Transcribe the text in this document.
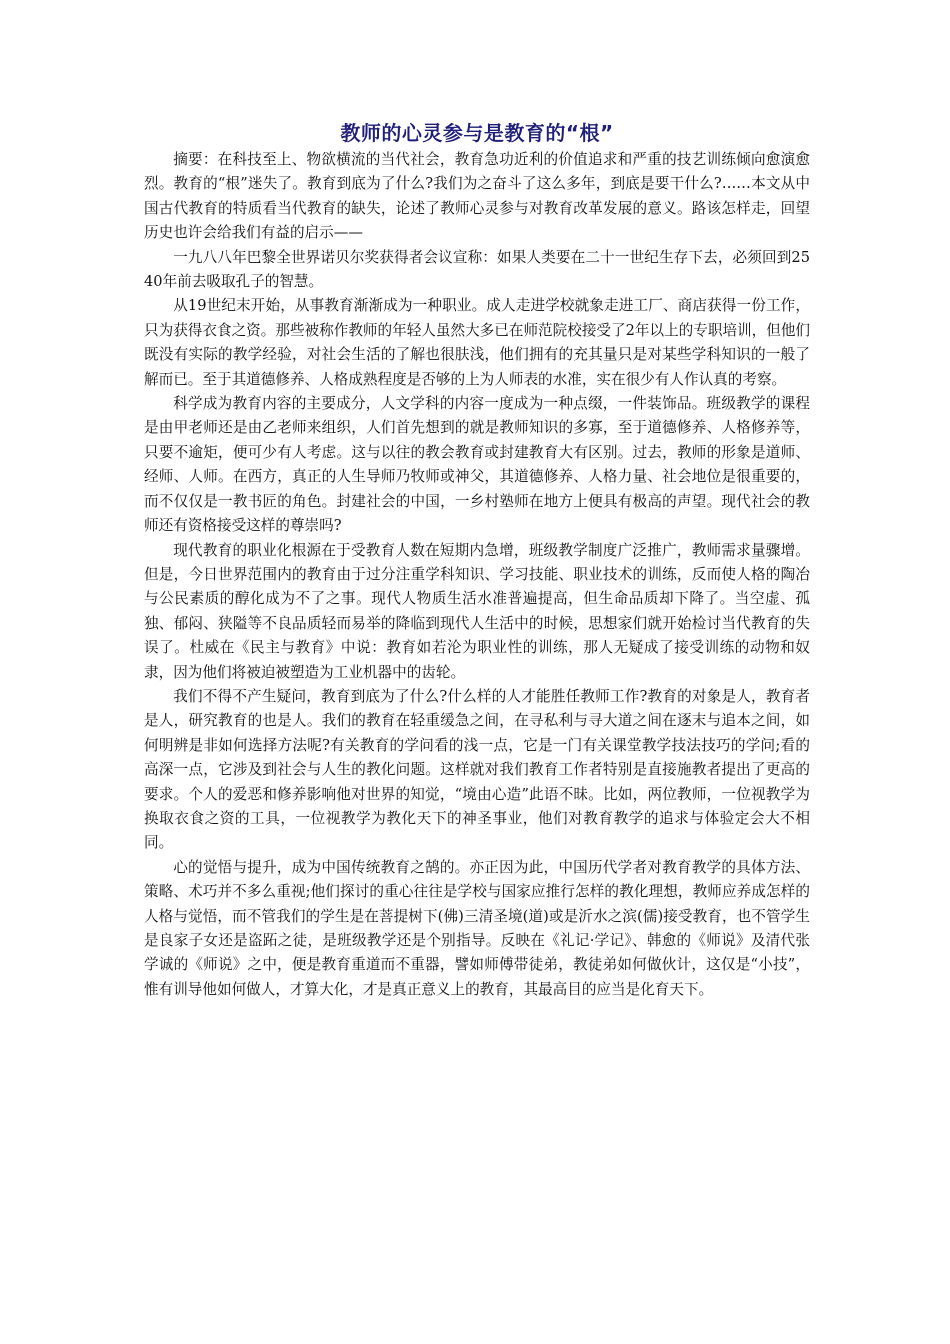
教师的心灵参与是教育的“根”

摘要：在科技至上、物欲横流的当代社会，教育急功近利的价值追求和严重的技艺训练倾向愈演愈烈。教育的“根”迷失了。教育到底为了什么?我们为之奋斗了这么多年，到底是要干什么?……本文从中国古代教育的特质看当代教育的缺失，论述了教师心灵参与对教育改革发展的意义。路该怎样走，回望历史也许会给我们有益的启示——

一九八八年巴黎全世界诺贝尔奖获得者会议宣称：如果人类要在二十一世纪生存下去，必须回到2540年前去吸取孔子的智慧。

从19世纪末开始，从事教育渐渐成为一种职业。成人走进学校就象走进工厂、商店获得一份工作，只为获得衣食之资。那些被称作教师的年轻人虽然大多已在师范院校接受了2年以上的专职培训，但他们既没有实际的教学经验，对社会生活的了解也很肤浅，他们拥有的充其量只是对某些学科知识的一般了解而已。至于其道德修养、人格成熟程度是否够的上为人师表的水准，实在很少有人作认真的考察。

科学成为教育内容的主要成分，人文学科的内容一度成为一种点缀，一件装饰品。班级教学的课程是由甲老师还是由乙老师来组织，人们首先想到的就是教师知识的多寡，至于道德修养、人格修养等，只要不逾矩，便可少有人考虑。这与以往的教会教育或封建教育大有区别。过去，教师的形象是道师、经师、人师。在西方，真正的人生导师乃牧师或神父，其道德修养、人格力量、社会地位是很重要的，而不仅仅是一教书匠的角色。封建社会的中国，一乡村塾师在地方上便具有极高的声望。现代社会的教师还有资格接受这样的尊崇吗?

现代教育的职业化根源在于受教育人数在短期内急增，班级教学制度广泛推广，教师需求量骤增。但是，今日世界范围内的教育由于过分注重学科知识、学习技能、职业技术的训练，反而使人格的陶冶与公民素质的醇化成为不了之事。现代人物质生活水准普遍提高，但生命品质却下降了。当空虚、孤独、郁闷、狭隘等不良品质轻而易举的降临到现代人生活中的时候，思想家们就开始检讨当代教育的失误了。杜威在《民主与教育》中说：教育如若沦为职业性的训练，那人无疑成了接受训练的动物和奴隶，因为他们将被迫被塑造为工业机器中的齿轮。

我们不得不产生疑问，教育到底为了什么?什么样的人才能胜任教师工作?教育的对象是人，教育者是人，研究教育的也是人。我们的教育在轻重缓急之间，在寻私利与寻大道之间在逐末与追本之间，如何明辨是非如何选择方法呢?有关教育的学问看的浅一点，它是一门有关课堂教学技法技巧的学问;看的高深一点，它涉及到社会与人生的教化问题。这样就对我们教育工作者特别是直接施教者提出了更高的要求。个人的爱恶和修养影响他对世界的知觉，“境由心造”此语不昧。比如，两位教师，一位视教学为换取衣食之资的工具，一位视教学为教化天下的神圣事业，他们对教育教学的追求与体验定会大不相同。

心的觉悟与提升，成为中国传统教育之鹄的。亦正因为此，中国历代学者对教育教学的具体方法、策略、术巧并不多么重视;他们探讨的重心往往是学校与国家应推行怎样的教化理想，教师应养成怎样的人格与觉悟，而不管我们的学生是在菩提树下(佛)三清圣境(道)或是沂水之滨(儒)接受教育，也不管学生是良家子女还是盗跖之徒，是班级教学还是个别指导。反映在《礼记·学记》、韩愈的《师说》及清代张学诚的《师说》之中，便是教育重道而不重器，譬如师傅带徒弟，教徒弟如何做伙计，这仅是“小技”，惟有训导他如何做人，才算大化，才是真正意义上的教育，其最高目的应当是化育天下。
